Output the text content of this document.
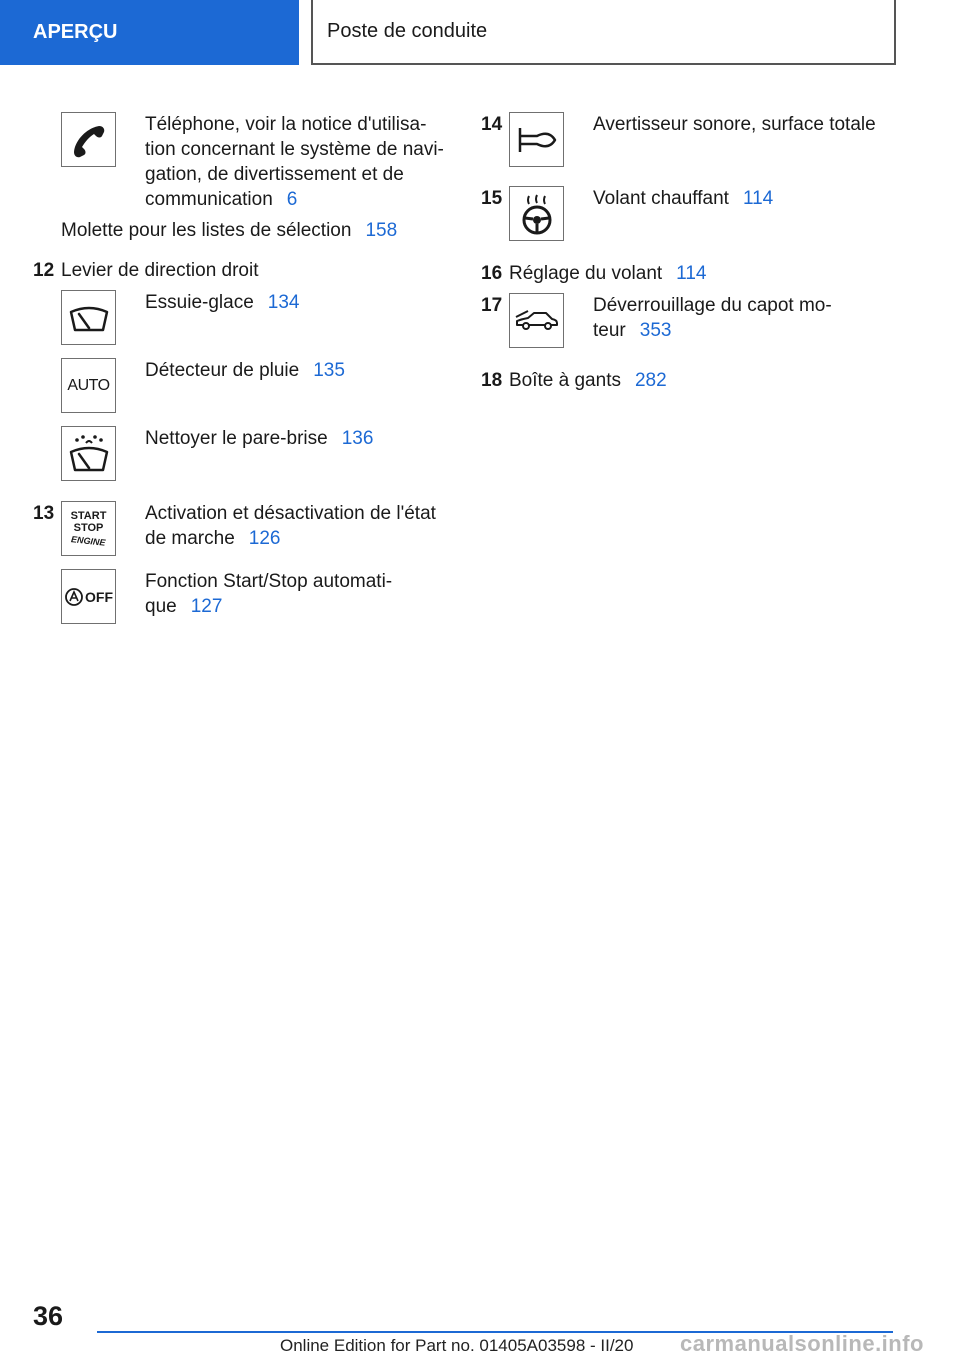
APERÇU	Poste de conduite
Téléphone, voir la notice d'utilisa-
tion concernant le système de navi-
gation, de divertissement et de
communication 6
Molette pour les listes de sélection 158
12 Levier de direction droit
Essuie-glace 134
AUTO
Détecteur de pluie 135
Nettoyer le pare-brise 136
13 START
STOP
ENGINE
Activation et désactivation de l'état
de marche 126
OFF
Fonction Start/Stop automati-
que 127
14	Avertisseur sonore, surface totale
15	Volant chauffant 114
16 Réglage du volant 114
17	Déverrouillage du capot mo-
teur 353
18 Boîte à gants 282
36
Online Edition for Part no. 01405A03598 - II/20 carmanualsonline.info
